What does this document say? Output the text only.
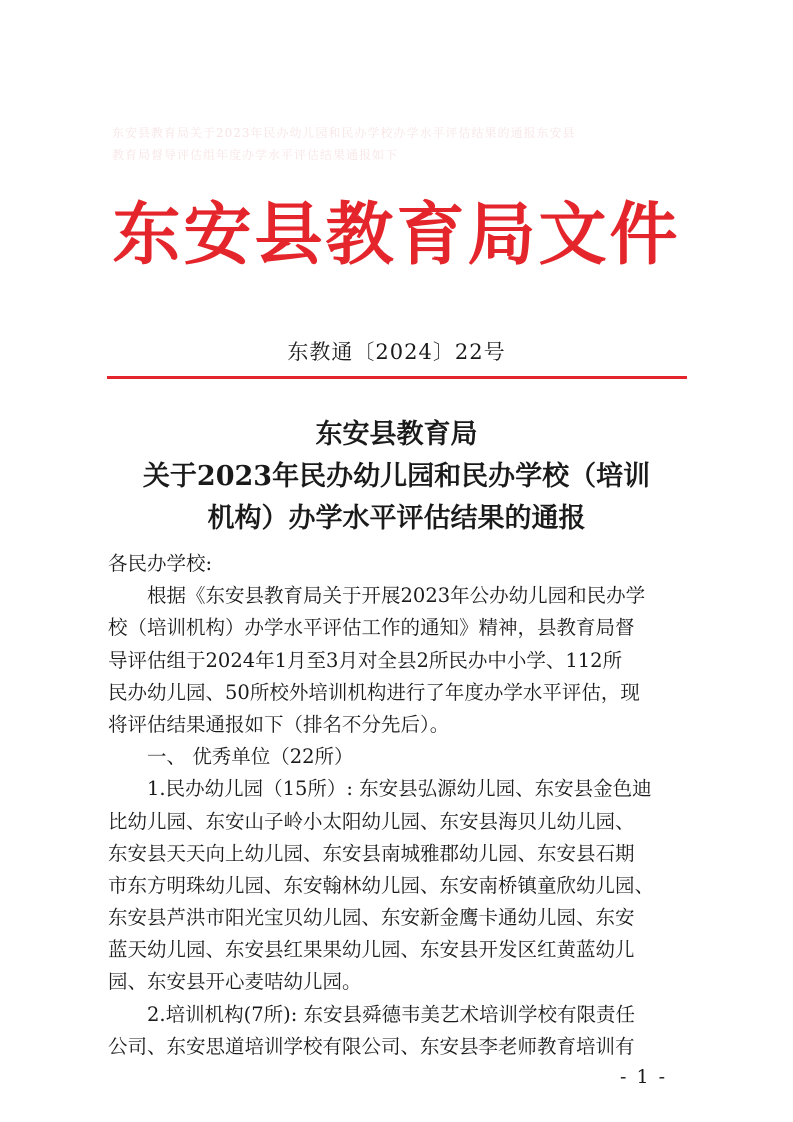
东安县教育局关于2023年民办幼儿园和民办学校办学水平评估结果的通报东安县
教育局督导评估组年度办学水平评估结果通报如下
东安县教育局文件
东教通〔2024〕22号
东安县教育局
关于2023年民办幼儿园和民办学校（培训
机构）办学水平评估结果的通报
各民办学校:
根据《东安县教育局关于开展2023年公办幼儿园和民办学
校（培训机构）办学水平评估工作的通知》精神，县教育局督
导评估组于2024年1月至3月对全县2所民办中小学、112所
民办幼儿园、50所校外培训机构进行了年度办学水平评估，现
将评估结果通报如下（排名不分先后）。
一、 优秀单位（22所）
1.民办幼儿园（15所）: 东安县弘源幼儿园、东安县金色迪
比幼儿园、东安山子岭小太阳幼儿园、东安县海贝儿幼儿园、
东安县天天向上幼儿园、东安县南城雅郡幼儿园、东安县石期
市东方明珠幼儿园、东安翰林幼儿园、东安南桥镇童欣幼儿园、
东安县芦洪市阳光宝贝幼儿园、东安新金鹰卡通幼儿园、东安
蓝天幼儿园、东安县红果果幼儿园、东安县开发区红黄蓝幼儿
园、东安县开心麦咭幼儿园。
2.培训机构(7所): 东安县舜德韦美艺术培训学校有限责任
公司、东安思道培训学校有限公司、东安县李老师教育培训有
- 1 -
